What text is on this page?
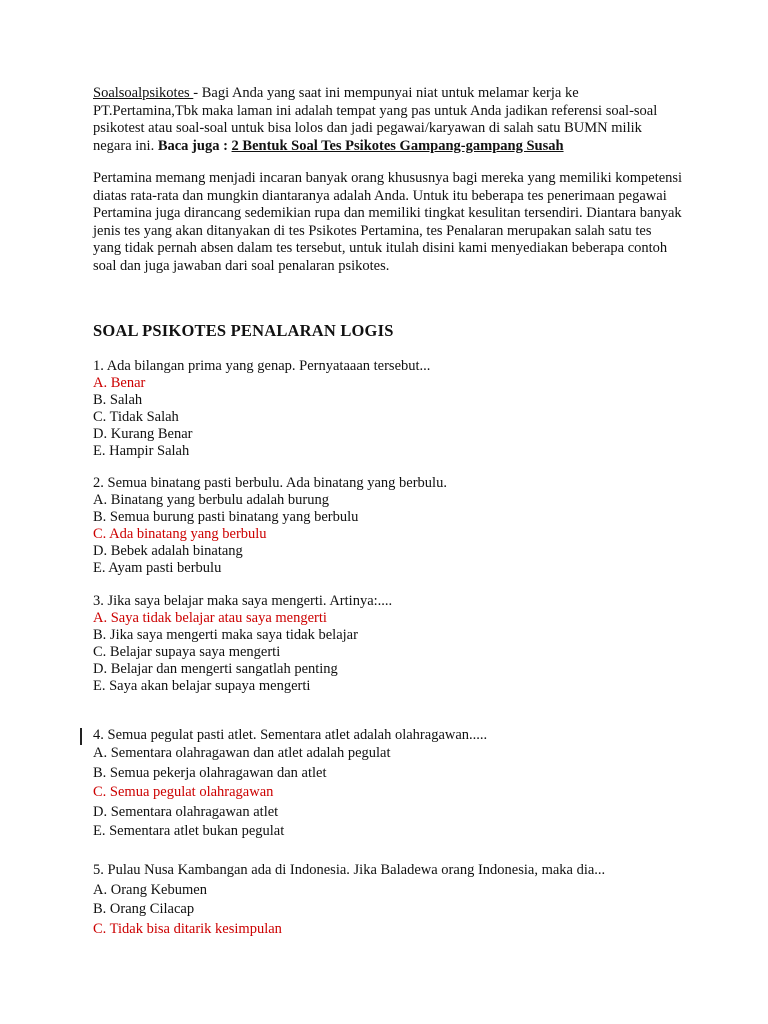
Soalsoalpsikotes - Bagi Anda yang saat ini mempunyai niat untuk melamar kerja ke PT.Pertamina,Tbk maka laman ini adalah tempat yang pas untuk Anda jadikan referensi soal-soal psikotest atau soal-soal untuk bisa lolos dan jadi pegawai/karyawan di salah satu BUMN milik negara ini. Baca juga : 2 Bentuk Soal Tes Psikotes Gampang-gampang Susah

Pertamina memang menjadi incaran banyak orang khususnya bagi mereka yang memiliki kompetensi diatas rata-rata dan mungkin diantaranya adalah Anda. Untuk itu beberapa tes penerimaan pegawai Pertamina juga dirancang sedemikian rupa dan memiliki tingkat kesulitan tersendiri. Diantara banyak jenis tes yang akan ditanyakan di tes Psikotes Pertamina, tes Penalaran merupakan salah satu tes yang tidak pernah absen dalam tes tersebut, untuk itulah disini kami menyediakan beberapa contoh soal dan juga jawaban dari soal penalaran psikotes.

SOAL PSIKOTES PENALARAN LOGIS
1. Ada bilangan prima yang genap. Pernyataaan tersebut...
A. Benar
B. Salah
C. Tidak Salah
D. Kurang Benar
E. Hampir Salah
2. Semua binatang pasti berbulu. Ada binatang yang berbulu.
A. Binatang yang berbulu adalah burung
B. Semua burung pasti binatang yang berbulu
C. Ada binatang yang berbulu
D. Bebek adalah binatang
E. Ayam pasti berbulu
3. Jika saya belajar maka saya mengerti. Artinya:....
A. Saya tidak belajar atau saya mengerti
B. Jika saya mengerti maka saya tidak belajar
C. Belajar supaya saya mengerti
D. Belajar dan mengerti sangatlah penting
E. Saya akan belajar supaya mengerti
4. Semua pegulat pasti atlet. Sementara atlet adalah olahragawan.....
A. Sementara olahragawan dan atlet adalah pegulat
B. Semua pekerja olahragawan dan atlet
C. Semua pegulat olahragawan
D. Sementara olahragawan atlet
E. Sementara atlet bukan pegulat
5. Pulau Nusa Kambangan ada di Indonesia. Jika Baladewa orang Indonesia, maka dia...
A. Orang Kebumen
B. Orang Cilacap
C. Tidak bisa ditarik kesimpulan
